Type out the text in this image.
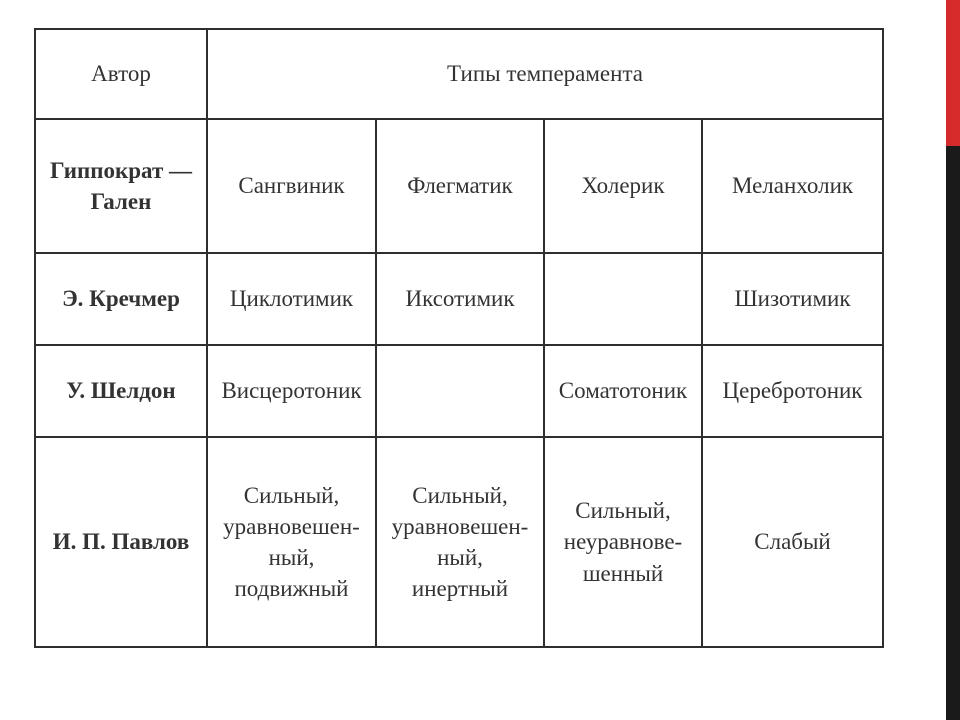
Автор	Типы темперамента			
Гиппократ —
Гален	Сангвиник	Флегматик	Холерик	Меланхолик
Э. Кречмер	Циклотимик	Иксотимик		Шизотимик
У. Шелдон	Висцеротоник		Соматотоник	Церебротоник
И. П. Павлов	Сильный,
уравновешен-
ный,
подвижный	Сильный,
уравновешен-
ный,
инертный	Сильный,
неуравнове-
шенный	Слабый
